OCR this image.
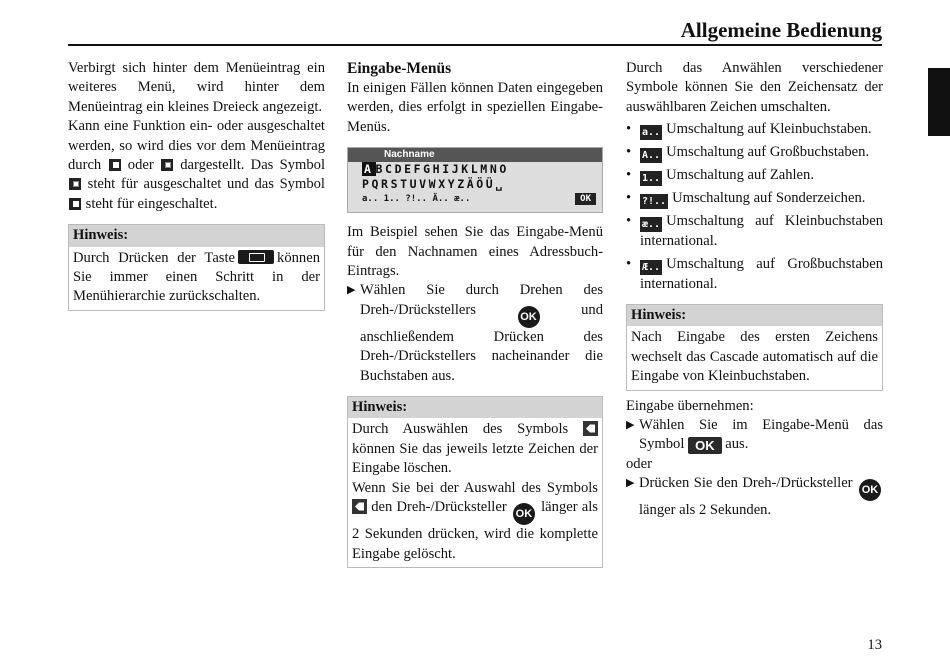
Allgemeine Bedienung

Verbirgt sich hinter dem Menüeintrag ein weiteres Menü, wird hinter dem Menüeintrag ein kleines Dreieck angezeigt.

Kann eine Funktion ein- oder ausgeschaltet werden, so wird dies vor dem Menüeintrag durch oder dargestellt. Das Symbol  steht für ausgeschaltet und das Symbol  steht für eingeschaltet.

Hinweis:

Durch Drücken der Taste	können Sie immer einen Schritt in der Menühierarchie zurückschalten.

Eingabe-Menüs

In einigen Fällen können Daten eingegeben werden, dies erfolgt in speziellen Eingabe-Menüs.

Nachname
A BCDEFGHIJKLMNO
PQRSTUVWXYZÄÖÜ␣
a.. 1.. ?!.. Ä.. æ..	OK

Im Beispiel sehen Sie das Eingabe-Menü für den Nachnamen eines Adressbuch-Eintrags.

▶ Wählen Sie durch Drehen des Dreh-/Drückstellers	OK	und anschließendem Drücken des Dreh-/Drückstellers nacheinander die Buchstaben aus.
Hinweis:

Durch Auswählen des Symbols  können Sie das jeweils letzte Zeichen der Eingabe löschen.

Wenn Sie bei der Auswahl des Symbols  den Dreh-/Drücksteller OK länger als 2 Sekunden drücken, wird die komplette Eingabe gelöscht.

Durch das Anwählen verschiedener Symbole können Sie den Zeichensatz der auswählbaren Zeichen umschalten.

• a.. Umschaltung auf Kleinbuchstaben.
• A.. Umschaltung auf Großbuchstaben.
• 1.. Umschaltung auf Zahlen.
• ?!.. Umschaltung auf Sonderzeichen.
• æ.. Umschaltung auf Kleinbuchstaben international.
• Æ.. Umschaltung auf Großbuchstaben international.
Hinweis:

Nach Eingabe des ersten Zeichens wechselt das Cascade automatisch auf die Eingabe von Kleinbuchstaben.

Eingabe übernehmen:

▶ Wählen Sie im Eingabe-Menü das Symbol OK aus.

oder

▶ Drücken Sie den Dreh-/Drücksteller OK länger als 2 Sekunden.
13
